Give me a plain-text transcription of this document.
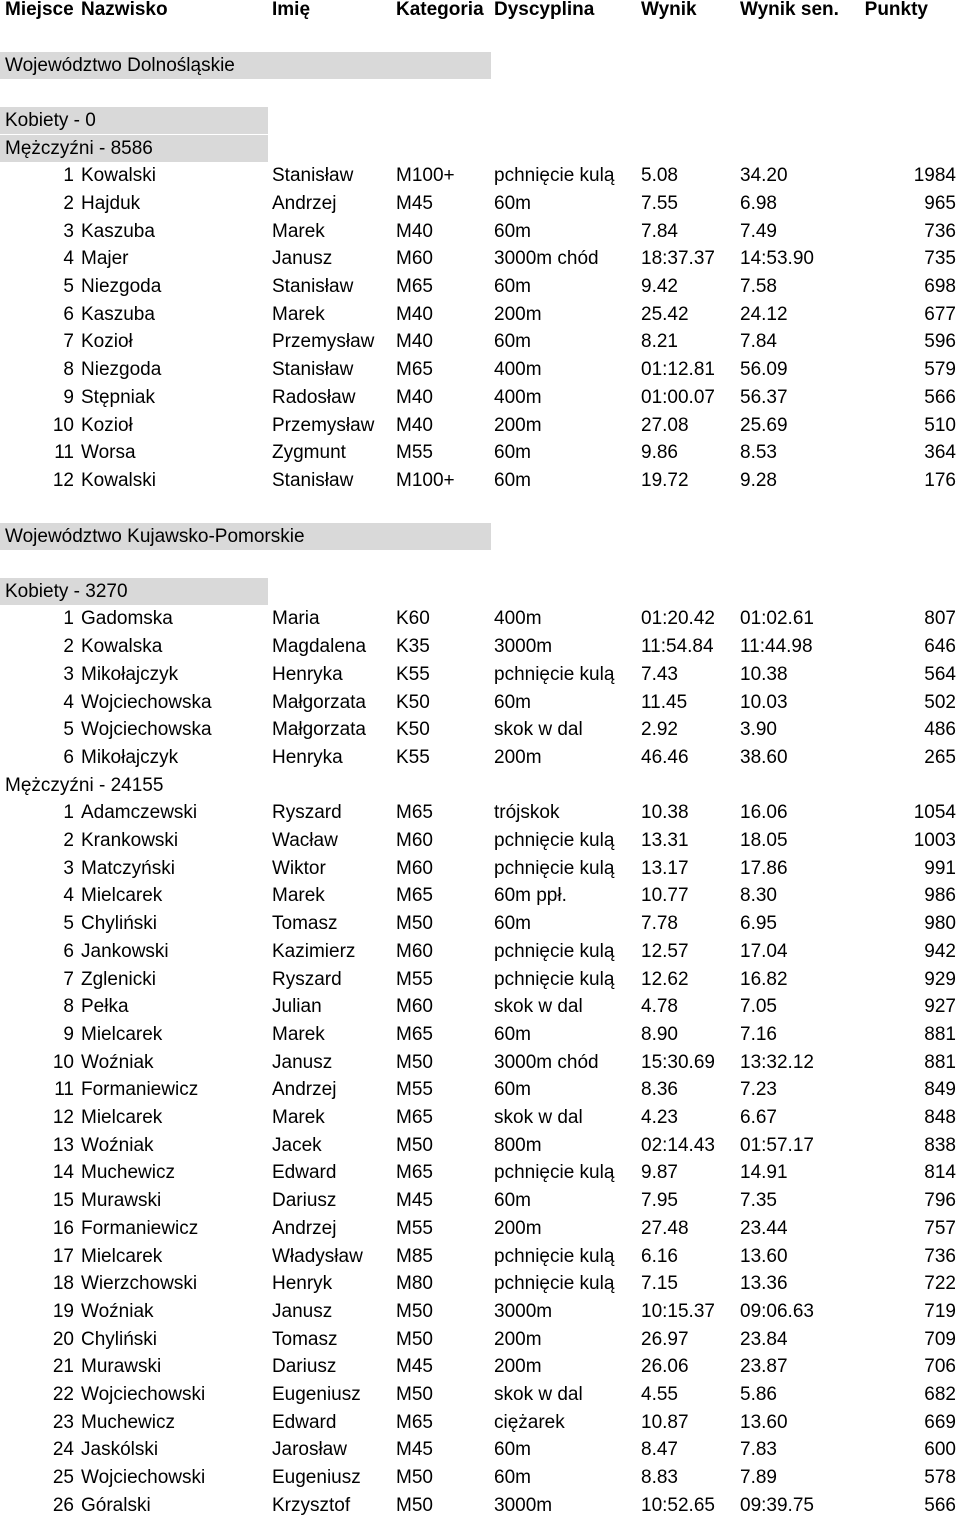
Miejsce Nazwisko	Imię	Kategoria Dyscyplina Wynik Wynik sen. Punkty
Województwo Dolnośląskie
Kobiety - 0
Mężczyźni - 8586
1 Kowalski	Stanisław M100+ pchnięcie kulą 5.08	34.20	1984
2 Hajduk	Andrzej	M45	60m	7.55	6.98	965
3 Kaszuba	Marek	M40	60m	7.84	7.49	736
4 Majer	Janusz	M60	3000m chód 18:37.37 14:53.90	735
5 Niezgoda	Stanisław M65	60m	9.42	7.58	698
6 Kaszuba	Marek	M40	200m	25.42	24.12	677
7 Kozioł	Przemysław M40	60m	8.21	7.84	596
8 Niezgoda	Stanisław M65	400m	01:12.81 56.09	579
9 Stępniak	Radosław M40	400m	01:00.07 56.37	566
10 Kozioł	Przemysław M40	200m	27.08	25.69	510
11 Worsa	Zygmunt	M55	60m	9.86	8.53	364
12 Kowalski	Stanisław M100+ 60m	19.72	9.28	176
Województwo Kujawsko-Pomorskie
Kobiety - 3270
1 Gadomska	Maria	K60	400m	01:20.42 01:02.61	807
2 Kowalska	Magdalena K35	3000m	11:54.84 11:44.98	646
3 Mikołajczyk	Henryka	K55	pchnięcie kulą 7.43	10.38	564
4 Wojciechowska	Małgorzata K50	60m	11.45	10.03	502
5 Wojciechowska	Małgorzata K50	skok w dal	2.92	3.90	486
6 Mikołajczyk	Henryka	K55	200m	46.46	38.60	265
Mężczyźni - 24155
1 Adamczewski	Ryszard	M65	trójskok	10.38	16.06	1054
2 Krankowski	Wacław	M60	pchnięcie kulą 13.31	18.05	1003
3 Matczyński	Wiktor	M60	pchnięcie kulą 13.17	17.86	991
4 Mielcarek	Marek	M65	60m ppł.	10.77	8.30	986
5 Chyliński	Tomasz	M50	60m	7.78	6.95	980
6 Jankowski	Kazimierz M60	pchnięcie kulą 12.57	17.04	942
7 Zglenicki	Ryszard	M55	pchnięcie kulą 12.62	16.82	929
8 Pełka	Julian	M60	skok w dal	4.78	7.05	927
9 Mielcarek	Marek	M65	60m	8.90	7.16	881
10 Woźniak	Janusz	M50	3000m chód 15:30.69 13:32.12	881
11 Formaniewicz	Andrzej	M55	60m	8.36	7.23	849
12 Mielcarek	Marek	M65	skok w dal	4.23	6.67	848
13 Woźniak	Jacek	M50	800m	02:14.43 01:57.17	838
14 Muchewicz	Edward	M65	pchnięcie kulą 9.87	14.91	814
15 Murawski	Dariusz	M45	60m	7.95	7.35	796
16 Formaniewicz	Andrzej	M55	200m	27.48	23.44	757
17 Mielcarek	Władysław M85	pchnięcie kulą 6.16	13.60	736
18 Wierzchowski	Henryk	M80	pchnięcie kulą 7.15	13.36	722
19 Woźniak	Janusz	M50	3000m	10:15.37 09:06.63	719
20 Chyliński	Tomasz	M50	200m	26.97	23.84	709
21 Murawski	Dariusz	M45	200m	26.06	23.87	706
22 Wojciechowski	Eugeniusz M50	skok w dal	4.55	5.86	682
23 Muchewicz	Edward	M65	ciężarek	10.87	13.60	669
24 Jaskólski	Jarosław	M45	60m	8.47	7.83	600
25 Wojciechowski	Eugeniusz M50	60m	8.83	7.89	578
26 Góralski	Krzysztof M50	3000m	10:52.65 09:39.75	566
